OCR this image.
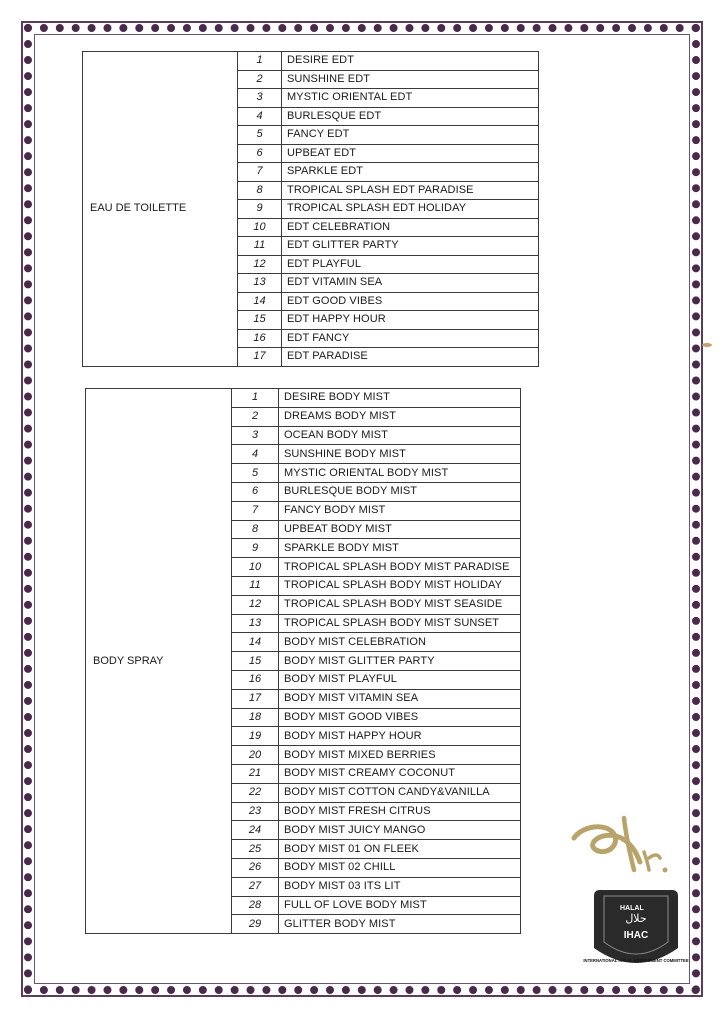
EAU DE TOILETTE	1	DESIRE EDT
	2	SUNSHINE EDT
	3	MYSTIC ORIENTAL EDT
	4	BURLESQUE EDT
	5	FANCY EDT
	6	UPBEAT EDT
	7	SPARKLE EDT
	8	TROPICAL SPLASH EDT PARADISE
	9	TROPICAL SPLASH EDT HOLIDAY
	10	EDT CELEBRATION
	11	EDT GLITTER PARTY
	12	EDT PLAYFUL
	13	EDT VITAMIN SEA
	14	EDT GOOD VIBES
	15	EDT HAPPY HOUR
	16	EDT FANCY
	17	EDT PARADISE
BODY SPRAY	1	DESIRE BODY MIST
	2	DREAMS BODY MIST
	3	OCEAN BODY MIST
	4	SUNSHINE BODY MIST
	5	MYSTIC ORIENTAL BODY MIST
	6	BURLESQUE BODY MIST
	7	FANCY BODY MIST
	8	UPBEAT BODY MIST
	9	SPARKLE BODY MIST
	10	TROPICAL SPLASH BODY MIST PARADISE
	11	TROPICAL SPLASH BODY MIST HOLIDAY
	12	TROPICAL SPLASH BODY MIST SEASIDE
	13	TROPICAL SPLASH BODY MIST SUNSET
	14	BODY MIST CELEBRATION
	15	BODY MIST GLITTER PARTY
	16	BODY MIST PLAYFUL
	17	BODY MIST VITAMIN SEA
	18	BODY MIST GOOD VIBES
	19	BODY MIST HAPPY HOUR
	20	BODY MIST MIXED BERRIES
	21	BODY MIST CREAMY COCONUT
	22	BODY MIST COTTON CANDY&VANILLA
	23	BODY MIST FRESH CITRUS
	24	BODY MIST JUICY MANGO
	25	BODY MIST 01 ON FLEEK
	26	BODY MIST 02 CHILL
	27	BODY MIST 03 ITS LIT
	28	FULL OF LOVE BODY MIST
	29	GLITTER BODY MIST
HALAL
حلال
IHAC
INTERNATIONAL HALAL ASSESSMENT COMMITTEE
